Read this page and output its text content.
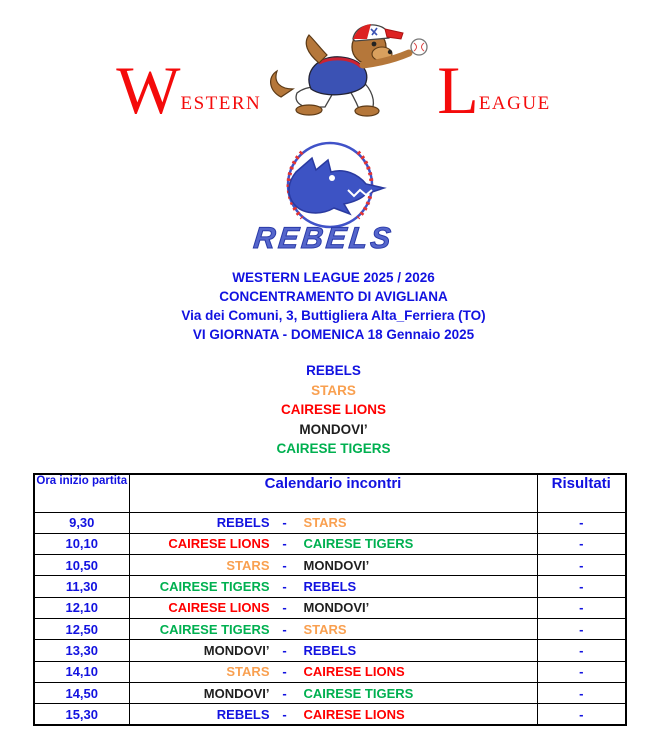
W ESTERN	L EAGUE
REBELS
WESTERN LEAGUE 2025 / 2026
CONCENTRAMENTO DI AVIGLIANA
Via dei Comuni, 3, Buttigliera Alta_Ferriera (TO)
VI GIORNATA - DOMENICA 18 Gennaio 2025
REBELS
STARS
CAIRESE LIONS
MONDOVI’
CAIRESE TIGERS
Ora inizio partita	Calendario incontri	Risultati
9,30	REBELS - STARS	-
10,10	CAIRESE LIONS - CAIRESE TIGERS	-
10,50	STARS - MONDOVI’	-
11,30	CAIRESE TIGERS - REBELS	-
12,10	CAIRESE LIONS - MONDOVI’	-
12,50	CAIRESE TIGERS - STARS	-
13,30	MONDOVI’ - REBELS	-
14,10	STARS - CAIRESE LIONS	-
14,50	MONDOVI’ - CAIRESE TIGERS	-
15,30	REBELS - CAIRESE LIONS	-
